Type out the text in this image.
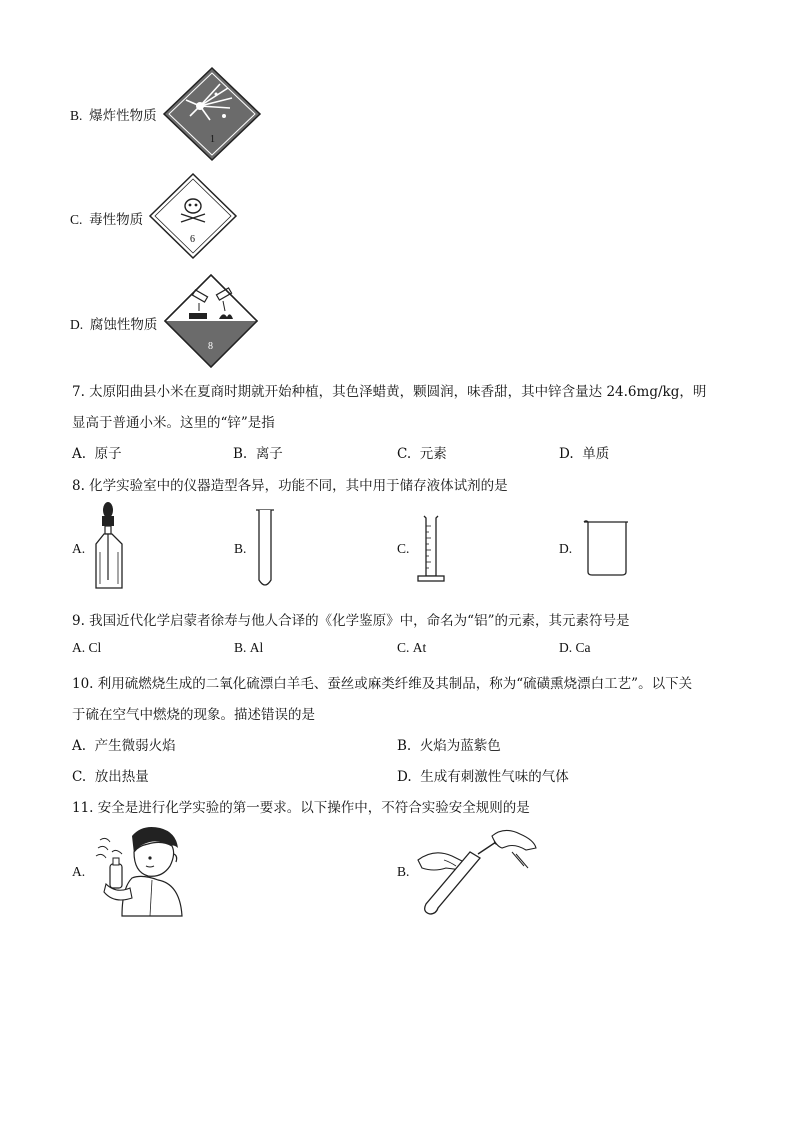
B. 爆炸性物质
1
C. 毒性物质
6
D. 腐蚀性物质
8
7. 太原阳曲县小米在夏商时期就开始种植，其色泽蜡黄，颗圆润，味香甜，其中锌含量达 24.6mg/kg，明
显高于普通小米。这里的“锌”是指
A. 原子	B. 离子	C. 元素	D. 单质
8. 化学实验室中的仪器造型各异，功能不同，其中用于储存液体试剂的是
A.	B.	C.	D.
9. 我国近代化学启蒙者徐寿与他人合译的《化学鉴原》中，命名为“铝”的元素，其元素符号是
A. Cl	B. Al	C. At	D. Ca
10. 利用硫燃烧生成的二氧化硫漂白羊毛、蚕丝或麻类纤维及其制品，称为“硫磺熏烧漂白工艺”。以下关
于硫在空气中燃烧的现象。描述错误的是
A. 产生微弱火焰	B. 火焰为蓝紫色
C. 放出热量	D. 生成有刺激性气味的气体
11. 安全是进行化学实验的第一要求。以下操作中，不符合实验安全规则的是
A.	B.
